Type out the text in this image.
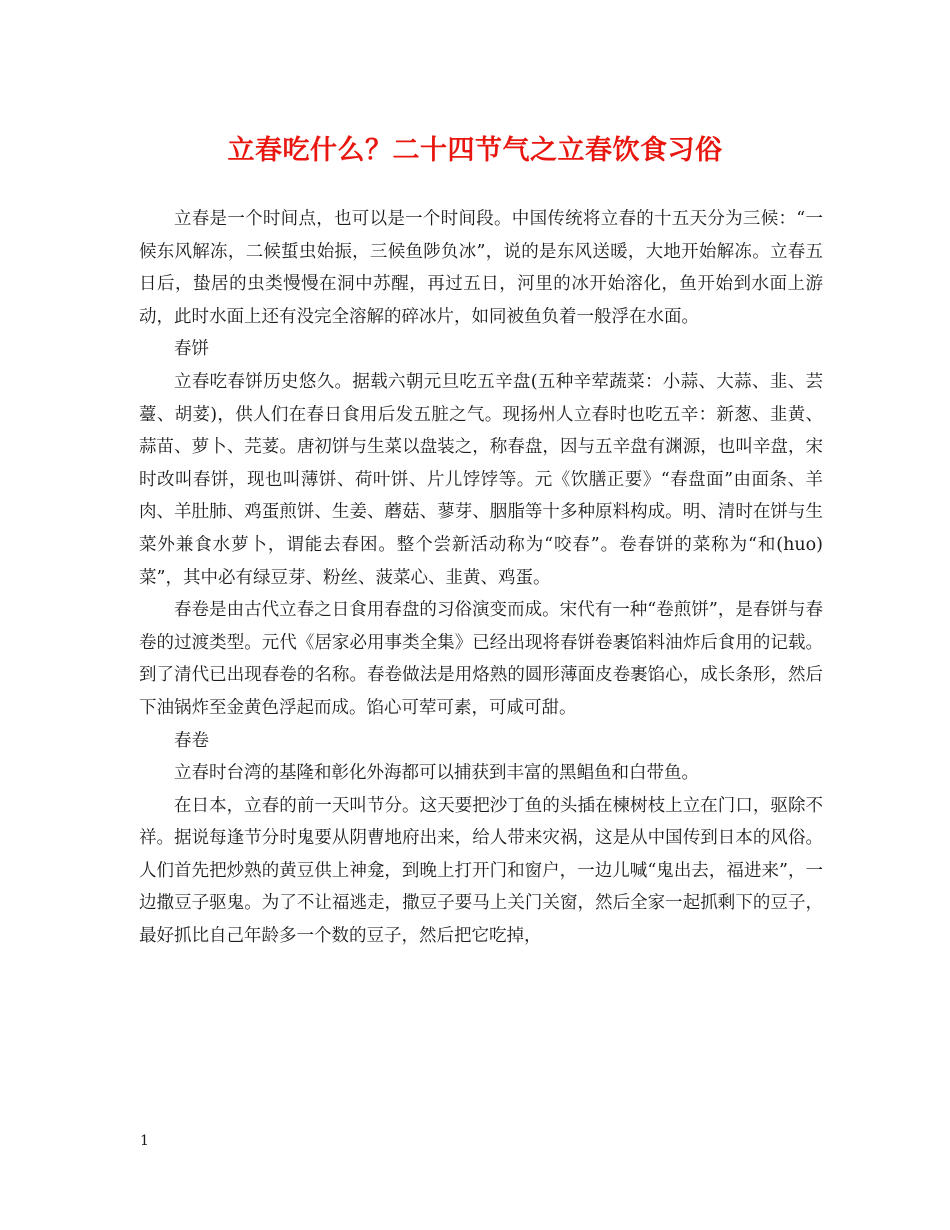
立春吃什么？二十四节气之立春饮食习俗

立春是一个时间点，也可以是一个时间段。中国传统将立春的十五天分为三候：“一候东风解冻，二候蜇虫始振，三候鱼陟负冰”，说的是东风送暖，大地开始解冻。立春五日后，蛰居的虫类慢慢在洞中苏醒，再过五日，河里的冰开始溶化，鱼开始到水面上游动，此时水面上还有没完全溶解的碎冰片，如同被鱼负着一般浮在水面。

春饼

立春吃春饼历史悠久。据载六朝元旦吃五辛盘(五种辛荤蔬菜：小蒜、大蒜、韭、芸薹、胡荽)，供人们在春日食用后发五脏之气。现扬州人立春时也吃五辛：新葱、韭黄、蒜苗、萝卜、芫荽。唐初饼与生菜以盘装之，称春盘，因与五辛盘有渊源，也叫辛盘，宋时改叫春饼，现也叫薄饼、荷叶饼、片儿饽饽等。元《饮膳正要》“春盘面”由面条、羊肉、羊肚肺、鸡蛋煎饼、生姜、蘑菇、蓼芽、胭脂等十多种原料构成。明、清时在饼与生菜外兼食水萝卜，谓能去春困。整个尝新活动称为“咬春”。卷春饼的菜称为“和(huo)菜”，其中必有绿豆芽、粉丝、菠菜心、韭黄、鸡蛋。

春卷是由古代立春之日食用春盘的习俗演变而成。宋代有一种“卷煎饼”，是春饼与春卷的过渡类型。元代《居家必用事类全集》已经出现将春饼卷裹馅料油炸后食用的记载。到了清代已出现春卷的名称。春卷做法是用烙熟的圆形薄面皮卷裹馅心，成长条形，然后下油锅炸至金黄色浮起而成。馅心可荤可素，可咸可甜。

春卷

立春时台湾的基隆和彰化外海都可以捕获到丰富的黑鲳鱼和白带鱼。

在日本，立春的前一天叫节分。这天要把沙丁鱼的头插在楝树枝上立在门口，驱除不祥。据说每逢节分时鬼要从阴曹地府出来，给人带来灾祸，这是从中国传到日本的风俗。人们首先把炒熟的黄豆供上神龛，到晚上打开门和窗户，一边儿喊“鬼出去，福进来”，一边撒豆子驱鬼。为了不让福逃走，撒豆子要马上关门关窗，然后全家一起抓剩下的豆子，最好抓比自己年龄多一个数的豆子，然后把它吃掉，

1
